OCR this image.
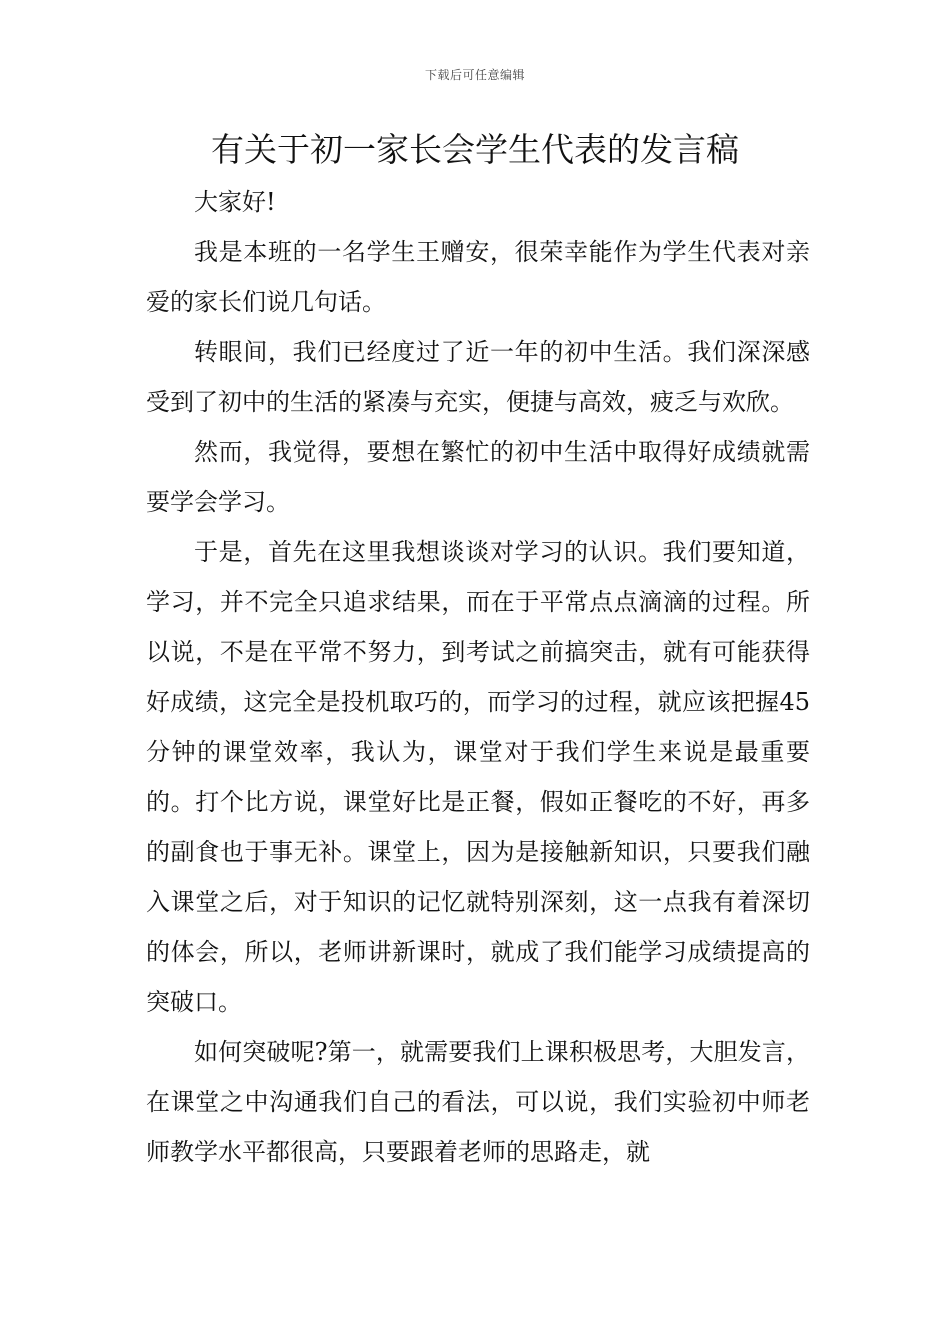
下载后可任意编辑
有关于初一家长会学生代表的发言稿

大家好!

我是本班的一名学生王赠安，很荣幸能作为学生代表对亲爱的家长们说几句话。

转眼间，我们已经度过了近一年的初中生活。我们深深感受到了初中的生活的紧凑与充实，便捷与高效，疲乏与欢欣。

然而，我觉得，要想在繁忙的初中生活中取得好成绩就需要学会学习。

于是，首先在这里我想谈谈对学习的认识。我们要知道，学习，并不完全只追求结果，而在于平常点点滴滴的过程。所以说，不是在平常不努力，到考试之前搞突击，就有可能获得好成绩，这完全是投机取巧的，而学习的过程，就应该把握45分钟的课堂效率，我认为，课堂对于我们学生来说是最重要的。打个比方说，课堂好比是正餐，假如正餐吃的不好，再多的副食也于事无补。课堂上，因为是接触新知识，只要我们融入课堂之后，对于知识的记忆就特别深刻，这一点我有着深切的体会，所以，老师讲新课时，就成了我们能学习成绩提高的突破口。

如何突破呢?第一，就需要我们上课积极思考，大胆发言，在课堂之中沟通我们自己的看法，可以说，我们实验初中师老师教学水平都很高，只要跟着老师的思路走，就
